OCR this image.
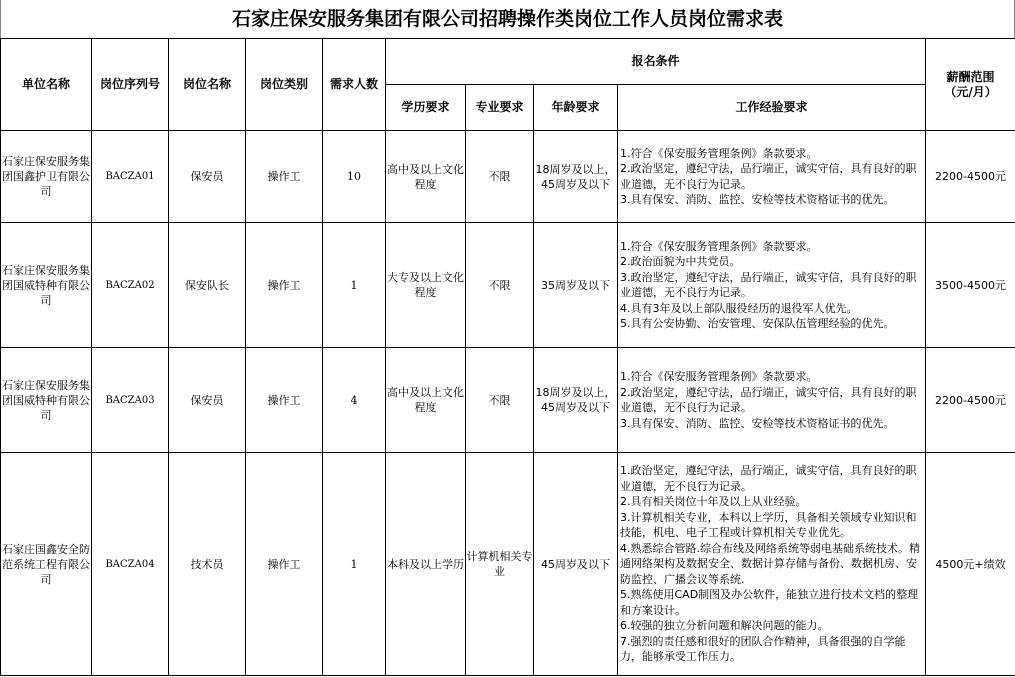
石家庄保安服务集团有限公司招聘操作类岗位工作人员岗位需求表
单位名称	岗位序列号	岗位名称	岗位类别	需求人数	报名条件				薪酬范围
（元/月）

					学历要求	专业要求	年龄要求	工作经验要求	
石家庄保安服务集团国鑫护卫有限公司	BACZA01	保安员	操作工	10	高中及以上文化程度	不限	18周岁及以上，45周岁及以下	1.符合《保安服务管理条例》条款要求。
2.政治坚定，遵纪守法，品行端正，诚实守信，具有良好的职业道德，无不良行为记录。
3.具有保安、消防、监控、安检等技术资格证书的优先。	2200-4500元
石家庄保安服务集团国威特种有限公司	BACZA02	保安队长	操作工	1	大专及以上文化程度	不限	35周岁及以下	1.符合《保安服务管理条例》条款要求。
2.政治面貌为中共党员。
3.政治坚定，遵纪守法，品行端正，诚实守信，具有良好的职业道德，无不良行为记录。
4.具有3年及以上部队服役经历的退役军人优先。
5.具有公安协勤、治安管理、安保队伍管理经验的优先。	3500-4500元
石家庄保安服务集团国威特种有限公司	BACZA03	保安员	操作工	4	高中及以上文化程度	不限	18周岁及以上，45周岁及以下	1.符合《保安服务管理条例》条款要求。
2.政治坚定，遵纪守法，品行端正，诚实守信，具有良好的职业道德，无不良行为记录。
3.具有保安、消防、监控、安检等技术资格证书的优先。	2200-4500元
石家庄国鑫安全防范系统工程有限公司	BACZA04	技术员	操作工	1	本科及以上学历	计算机相关专业	45周岁及以下	
1.政治坚定，遵纪守法，品行端正，诚实守信，具有良好的职业道德，无不良行为记录。
2.具有相关岗位十年及以上从业经验。
3.计算机相关专业，本科以上学历，具备相关领域专业知识和技能，机电、电子工程或计算机相关专业优先。
4.熟悉综合管路.综合布线及网络系统等弱电基础系统技术。精通网络架构及数据安全、数据计算存储与备份、数据机房、安防监控、广播会议等系统.
5.熟练使用CAD制图及办公软件，能独立进行技术文档的整理和方案设计。
6.较强的独立分析问题和解决问题的能力。
7.强烈的责任感和很好的团队合作精神，具备很强的自学能力，能够承受工作压力。
	4500元+绩效
